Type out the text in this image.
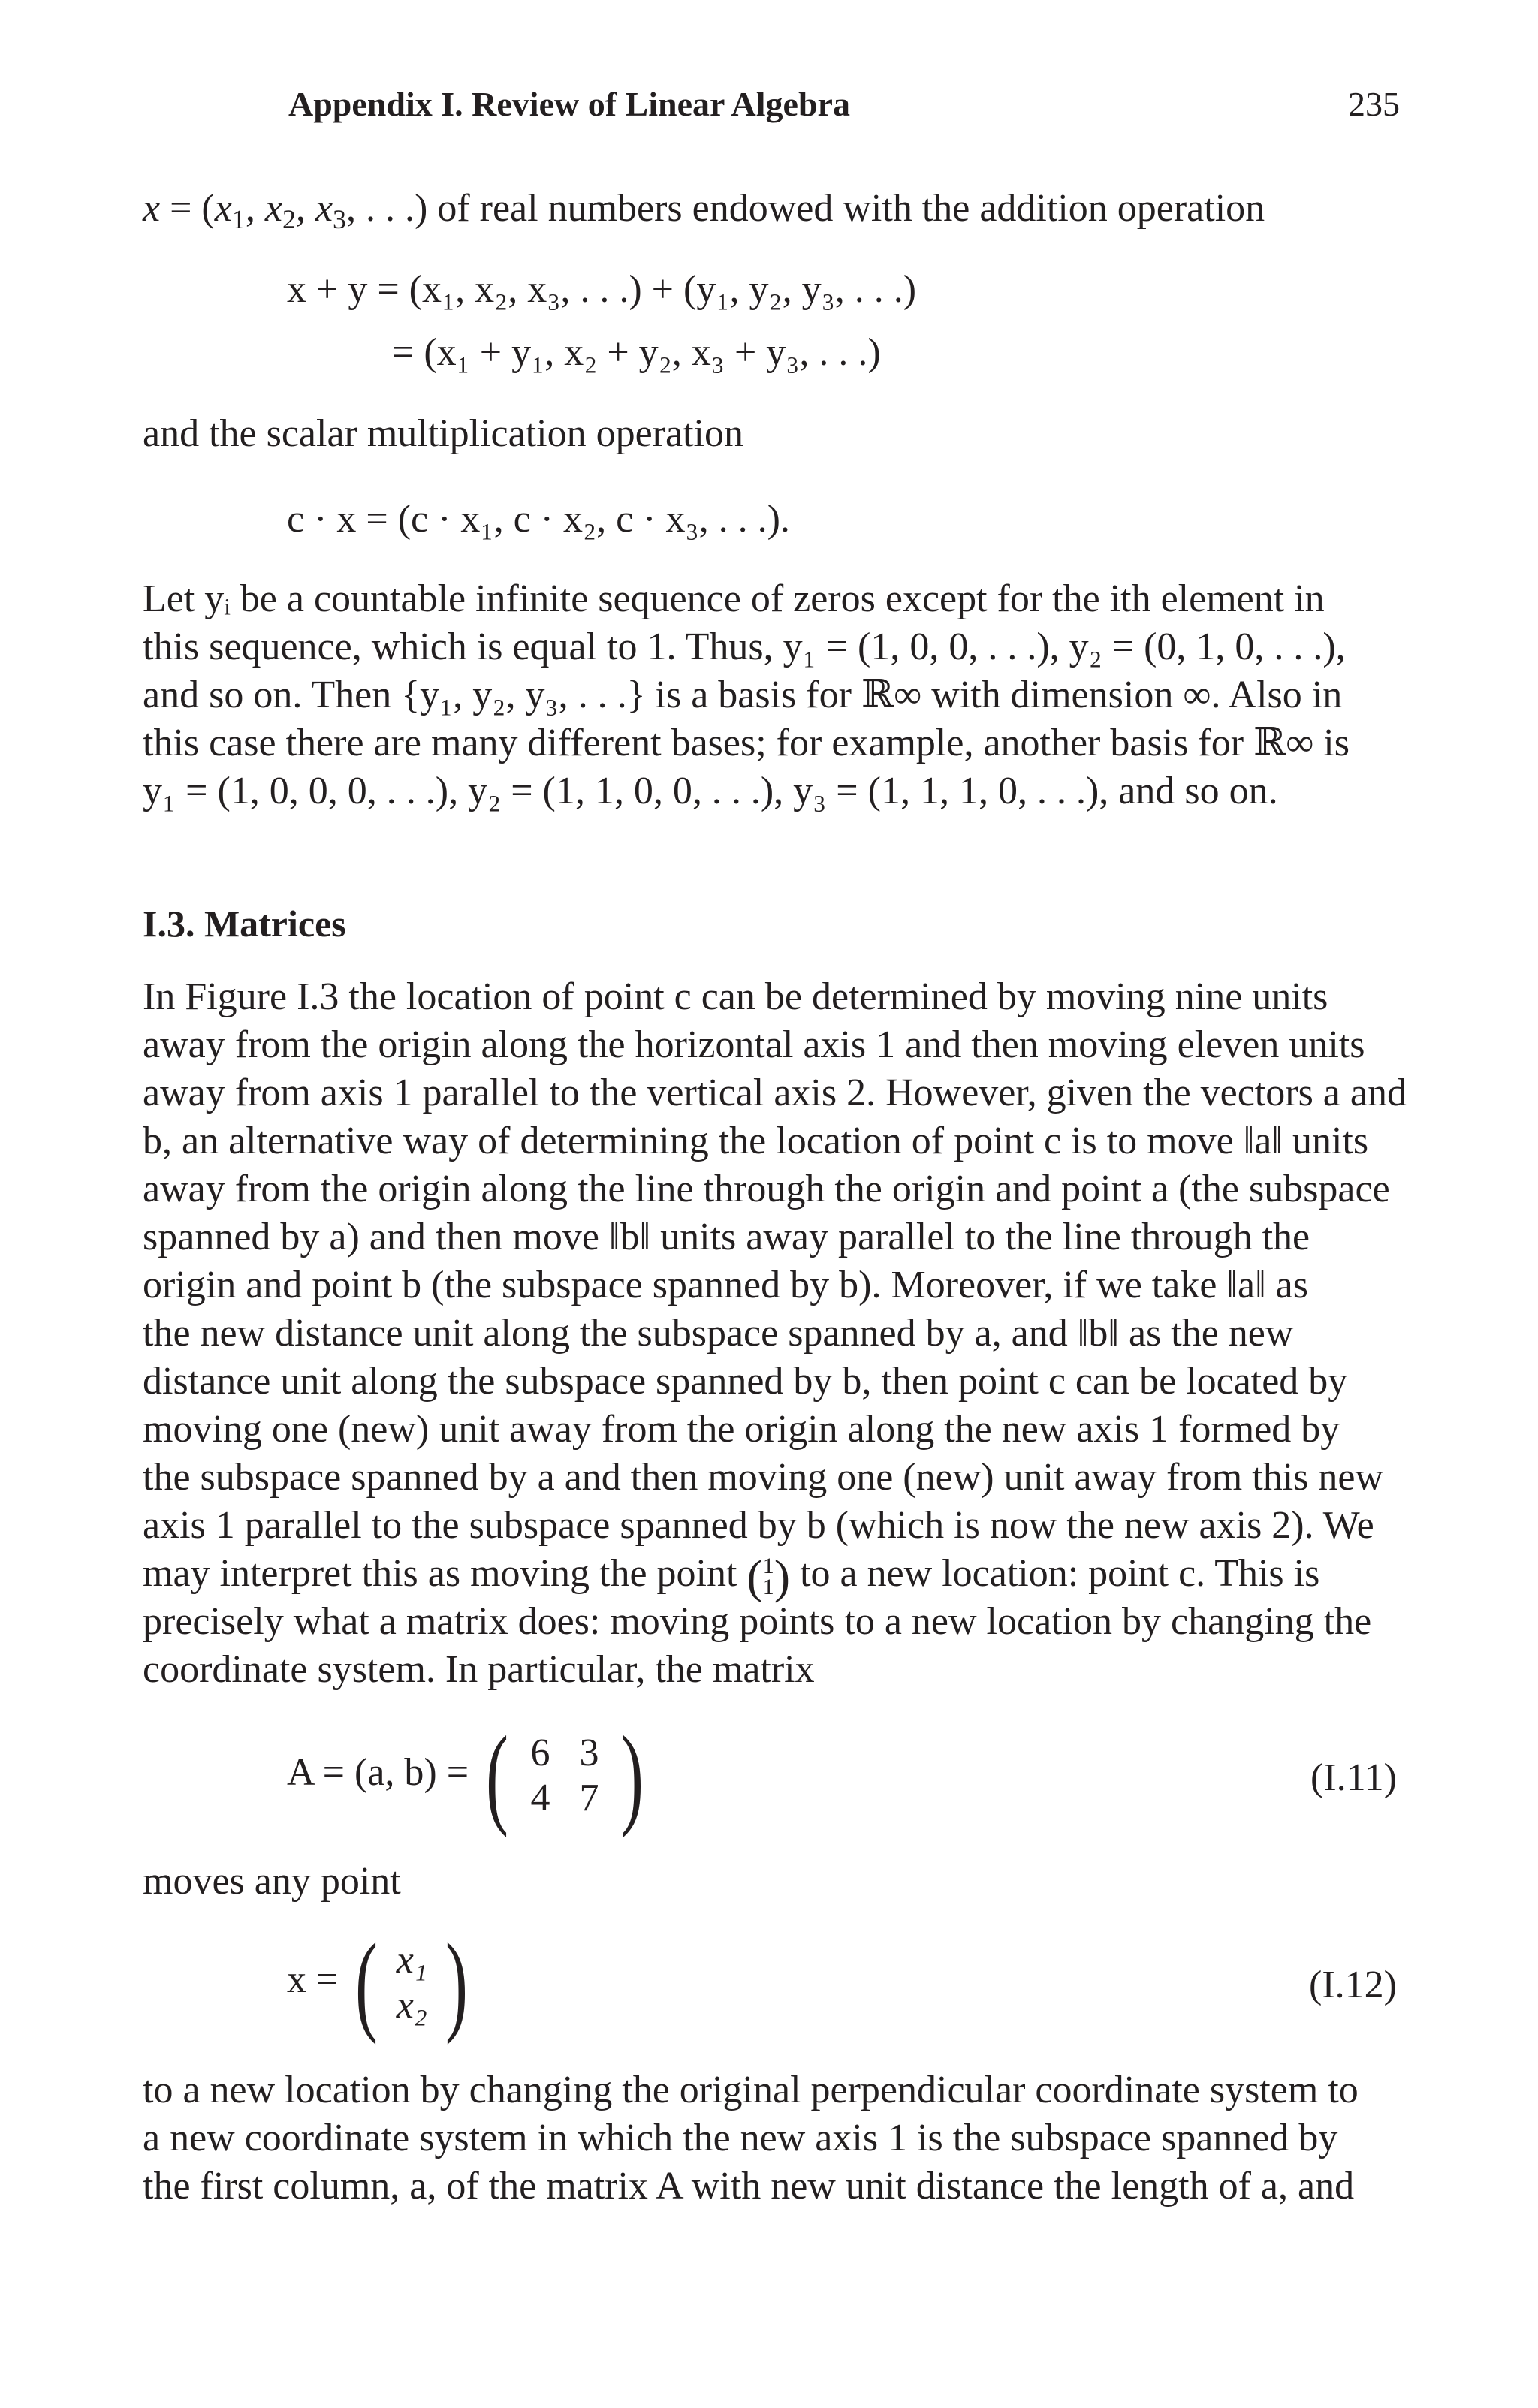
Appendix I. Review of Linear Algebra	235
$x = (x_1$, $x_2$, $x_3$, . . .) of real numbers endowed with the addition operation
x + y = (x₁, x₂, x₃, . . .) + (y₁, y₂, y₃, . . .)
= (x₁ + y₁, x₂ + y₂, x₃ + y₃, . . .)
and the scalar multiplication operation
c · x = (c · x₁, c · x₂, c · x₃, . . .).
Let yᵢ be a countable infinite sequence of zeros except for the ith element in
this sequence, which is equal to 1. Thus, y₁ = (1, 0, 0, . . .), y₂ = (0, 1, 0, . . .),
and so on. Then {y₁, y₂, y₃, . . .} is a basis for ℝ∞ with dimension ∞. Also in
this case there are many different bases; for example, another basis for ℝ∞ is
y₁ = (1, 0, 0, 0, . . .), y₂ = (1, 1, 0, 0, . . .), y₃ = (1, 1, 1, 0, . . .), and so on.
I.3. Matrices
In Figure I.3 the location of point c can be determined by moving nine units
away from the origin along the horizontal axis 1 and then moving eleven units
away from axis 1 parallel to the vertical axis 2. However, given the vectors a and
b, an alternative way of determining the location of point c is to move ‖a‖ units
away from the origin along the line through the origin and point a (the subspace
spanned by a) and then move ‖b‖ units away parallel to the line through the
origin and point b (the subspace spanned by b). Moreover, if we take ‖a‖ as
the new distance unit along the subspace spanned by a, and ‖b‖ as the new
distance unit along the subspace spanned by b, then point c can be located by
moving one (new) unit away from the origin along the new axis 1 formed by
the subspace spanned by a and then moving one (new) unit away from this new
axis 1 parallel to the subspace spanned by b (which is now the new axis 2). We
may interpret this as moving the point ( 1
1 ) to a new location: point c. This is
precisely what a matrix does: moving points to a new location by changing the
coordinate system. In particular, the matrix
A = (a, b) = ( 6 3
4 7 )	(I.11)
moves any point
x = ( x₁
x₂ )	(I.12)
to a new location by changing the original perpendicular coordinate system to
a new coordinate system in which the new axis 1 is the subspace spanned by
the first column, a, of the matrix A with new unit distance the length of a, and
